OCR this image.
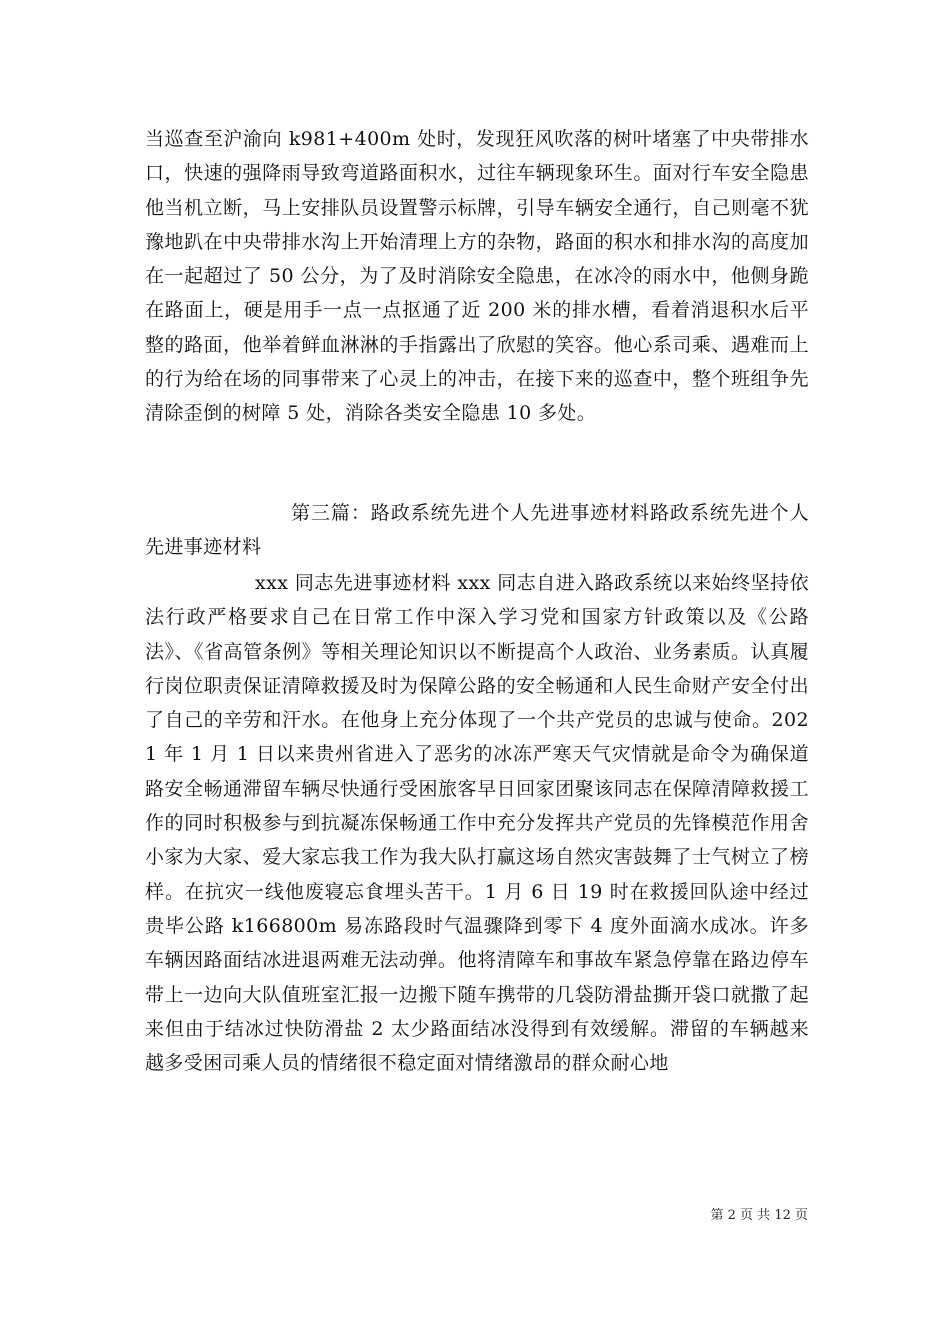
当巡查至沪渝向 k981+400m 处时，发现狂风吹落的树叶堵塞了中央带排水口，快速的强降雨导致弯道路面积水，过往车辆现象环生。面对行车安全隐患他当机立断，马上安排队员设置警示标牌，引导车辆安全通行，自己则毫不犹豫地趴在中央带排水沟上开始清理上方的杂物，路面的积水和排水沟的高度加在一起超过了 50 公分，为了及时消除安全隐患，在冰冷的雨水中，他侧身跪在路面上，硬是用手一点一点抠通了近 200 米的排水槽，看着消退积水后平整的路面，他举着鲜血淋淋的手指露出了欣慰的笑容。他心系司乘、遇难而上的行为给在场的同事带来了心灵上的冲击，在接下来的巡查中，整个班组争先清除歪倒的树障 5 处，消除各类安全隐患 10 多处。

第三篇：路政系统先进个人先进事迹材料路政系统先进个人先进事迹材料

xxx 同志先进事迹材料 xxx 同志自进入路政系统以来始终坚持依法行政严格要求自己在日常工作中深入学习党和国家方针政策以及《公路法》、《省高管条例》等相关理论知识以不断提高个人政治、业务素质。认真履行岗位职责保证清障救援及时为保障公路的安全畅通和人民生命财产安全付出了自己的辛劳和汗水。在他身上充分体现了一个共产党员的忠诚与使命。2021 年 1 月 1 日以来贵州省进入了恶劣的冰冻严寒天气灾情就是命令为确保道路安全畅通滞留车辆尽快通行受困旅客早日回家团聚该同志在保障清障救援工作的同时积极参与到抗凝冻保畅通工作中充分发挥共产党员的先锋模范作用舍小家为大家、爱大家忘我工作为我大队打赢这场自然灾害鼓舞了士气树立了榜样。在抗灾一线他废寝忘食埋头苦干。1 月 6 日 19 时在救援回队途中经过贵毕公路 k166800m 易冻路段时气温骤降到零下 4 度外面滴水成冰。许多车辆因路面结冰进退两难无法动弹。他将清障车和事故车紧急停靠在路边停车带上一边向大队值班室汇报一边搬下随车携带的几袋防滑盐撕开袋口就撒了起来但由于结冰过快防滑盐 2 太少路面结冰没得到有效缓解。滞留的车辆越来越多受困司乘人员的情绪很不稳定面对情绪激昂的群众耐心地

第 2 页 共 12 页
